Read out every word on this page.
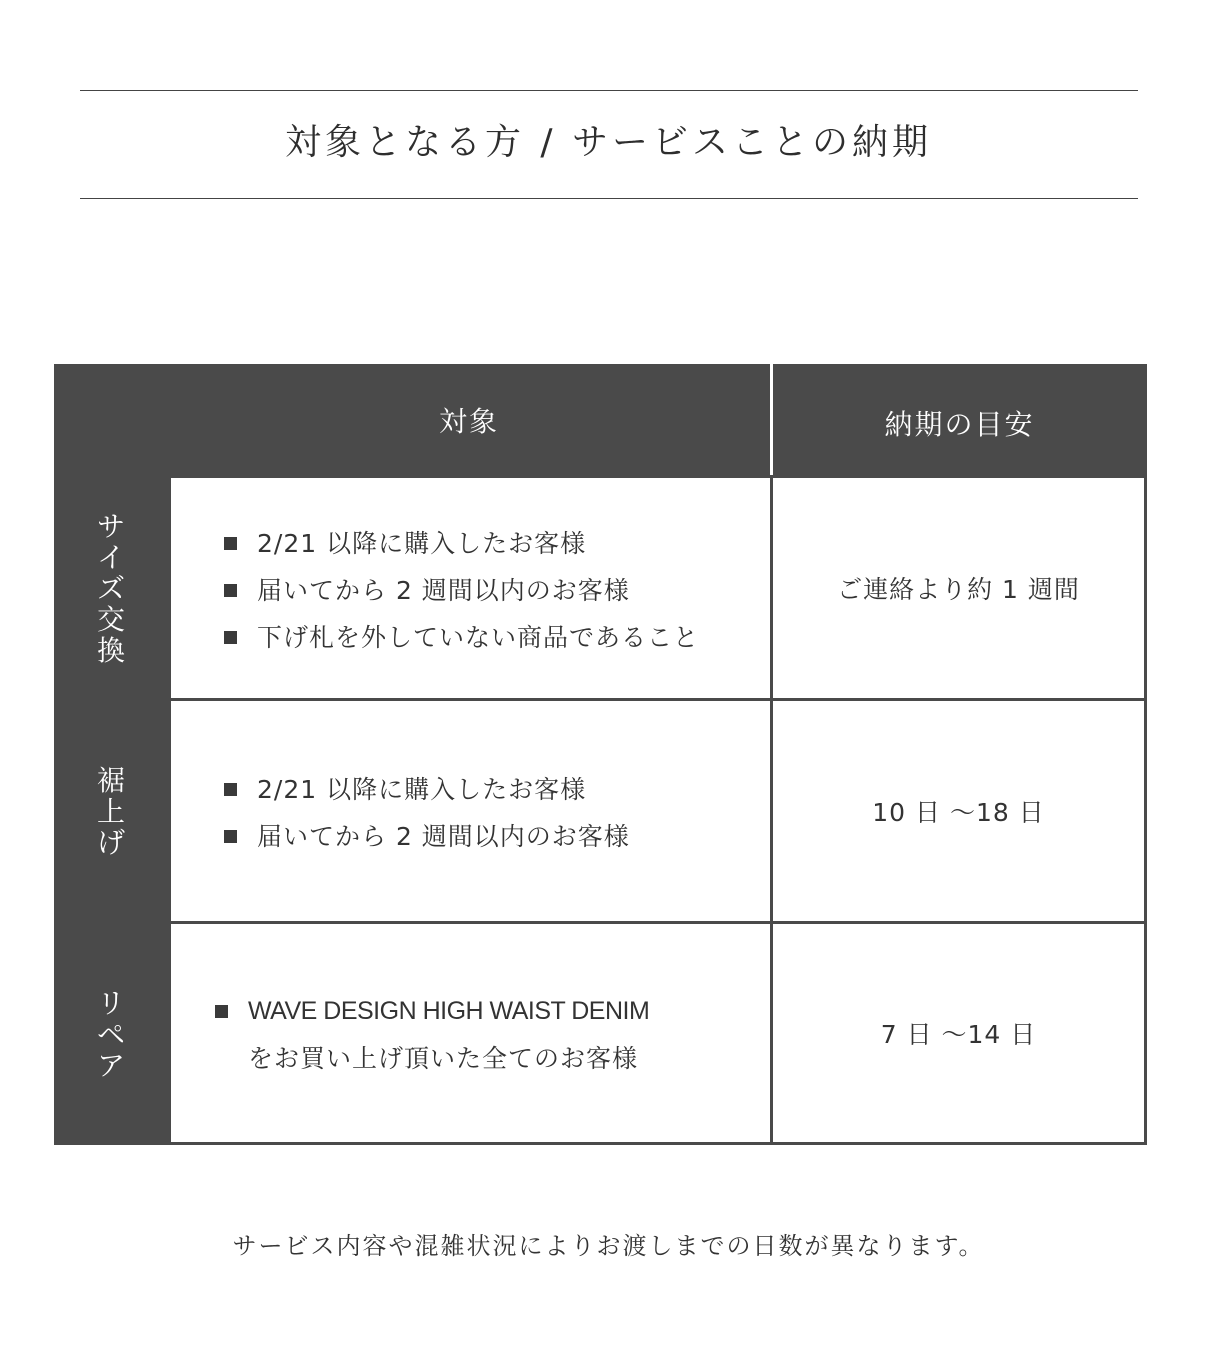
対象となる方 / サービスことの納期
対象	納期の目安
サ
イ
ズ
交
換
2/21 以降に購入したお客様
届いてから 2 週間以内のお客様
下げ札を外していない商品であること
ご連絡より約 1 週間
裾
上
げ
2/21 以降に購入したお客様
届いてから 2 週間以内のお客様
10 日 ～18 日
リ
ペ
ア
WAVE DESIGN HIGH WAIST DENIM
をお買い上げ頂いた全てのお客様
7 日 ～14 日
サービス内容や混雑状況によりお渡しまでの日数が異なります。
